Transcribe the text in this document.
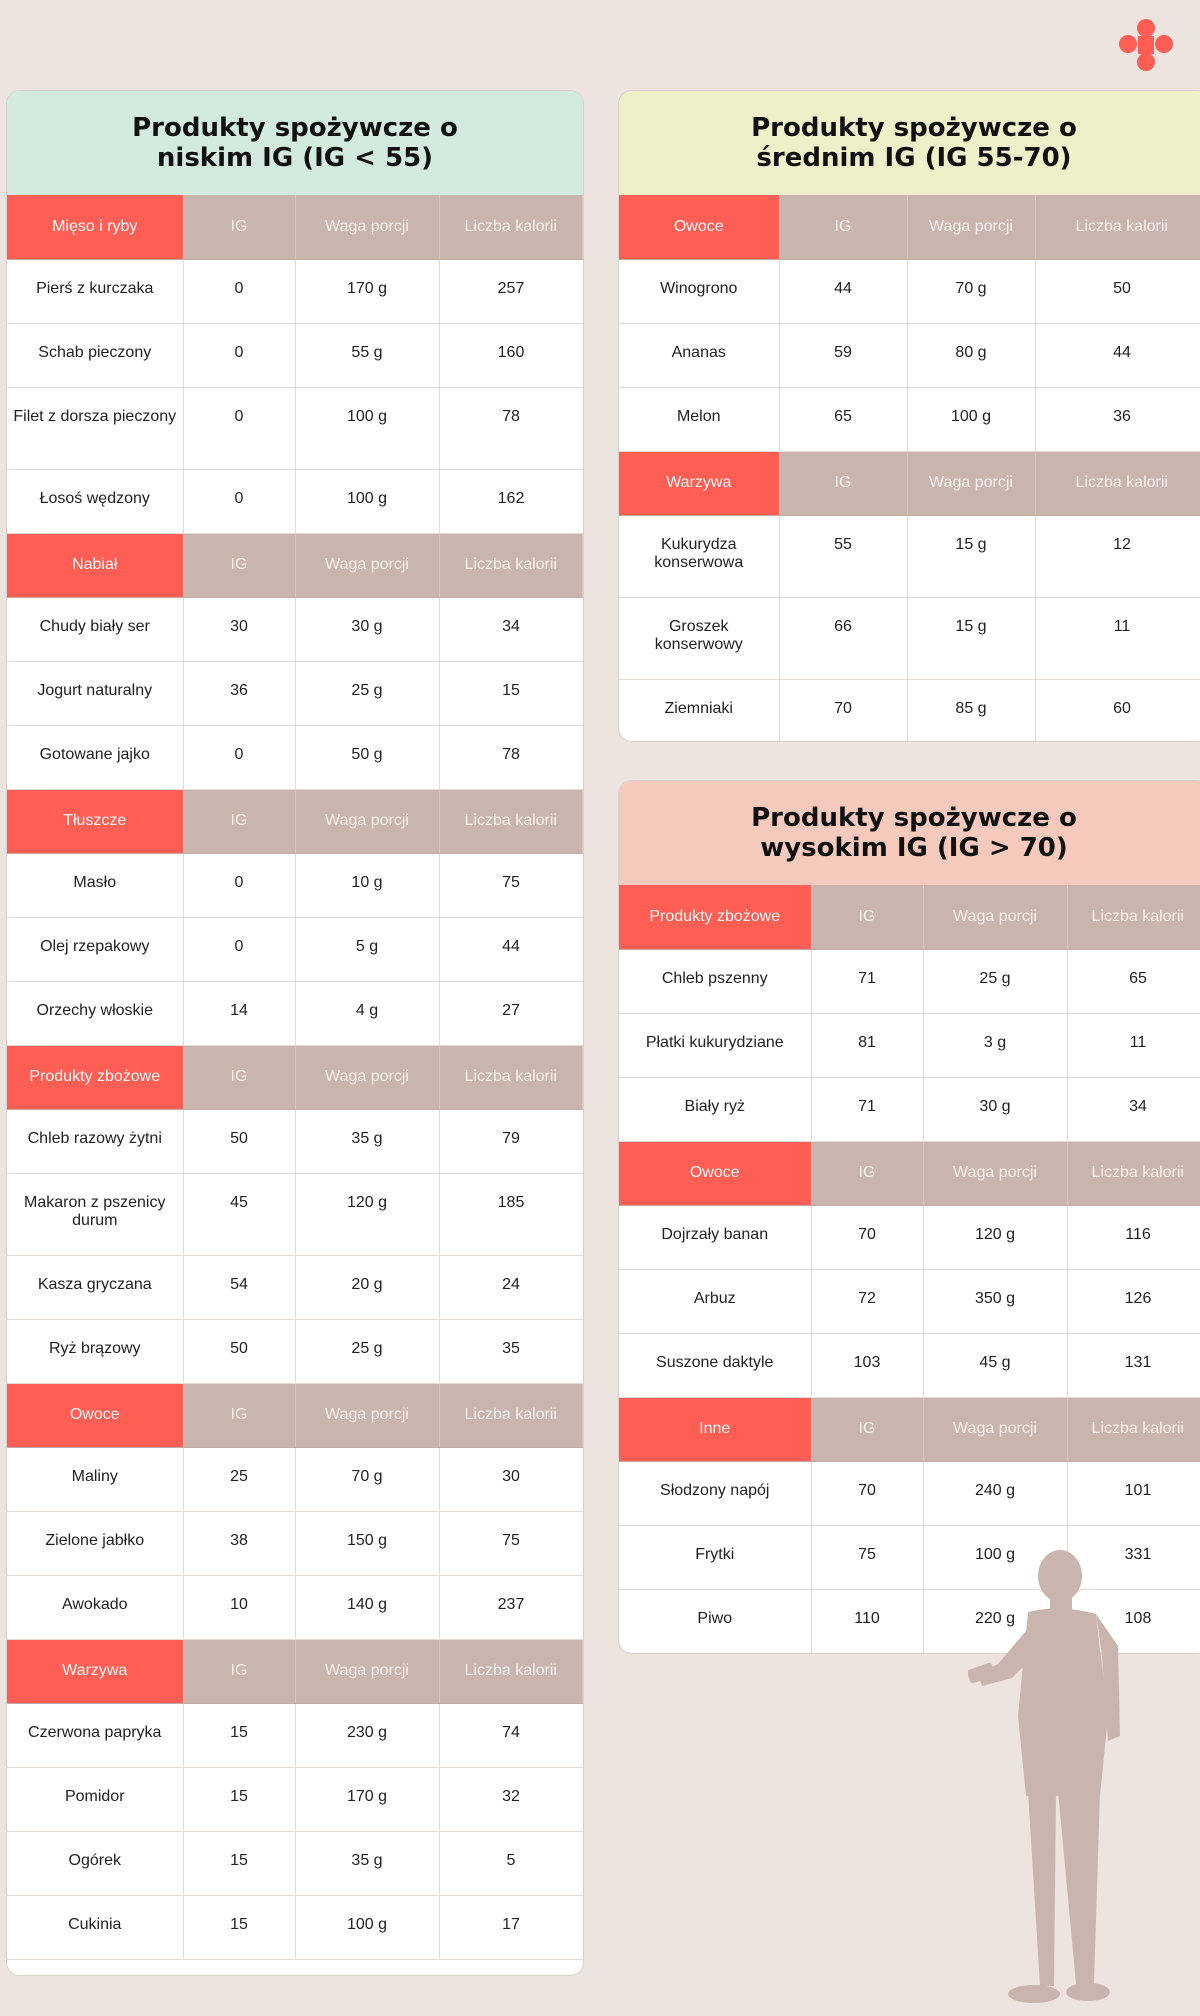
Produkty spożywcze o
niskim IG (IG < 55)
Mięso i ryby	IG	Waga porcji	Liczba kalorii
Pierś z kurczaka	0	170 g	257
Schab pieczony	0	55 g	160
Filet z dorsza pieczony	0	100 g	78
Łosoś wędzony	0	100 g	162
Nabiał	IG	Waga porcji	Liczba kalorii
Chudy biały ser	30	30 g	34
Jogurt naturalny	36	25 g	15
Gotowane jajko	0	50 g	78
Tłuszcze	IG	Waga porcji	Liczba kalorii
Masło	0	10 g	75
Olej rzepakowy	0	5 g	44
Orzechy włoskie	14	4 g	27
Produkty zbożowe	IG	Waga porcji	Liczba kalorii
Chleb razowy żytni	50	35 g	79
Makaron z pszenicy durum	45	120 g	185
Kasza gryczana	54	20 g	24
Ryż brązowy	50	25 g	35
Owoce	IG	Waga porcji	Liczba kalorii
Maliny	25	70 g	30
Zielone jabłko	38	150 g	75
Awokado	10	140 g	237
Warzywa	IG	Waga porcji	Liczba kalorii
Czerwona papryka	15	230 g	74
Pomidor	15	170 g	32
Ogórek	15	35 g	5
Cukinia	15	100 g	17
Produkty spożywcze o
średnim IG (IG 55-70)
Owoce	IG	Waga porcji	Liczba kalorii
Winogrono	44	70 g	50
Ananas	59	80 g	44
Melon	65	100 g	36
Warzywa	IG	Waga porcji	Liczba kalorii
Kukurydza konserwowa	55	15 g	12
Groszek konserwowy	66	15 g	11
Ziemniaki	70	85 g	60
Produkty spożywcze o
wysokim IG (IG > 70)
Produkty zbożowe	IG	Waga porcji	Liczba kalorii
Chleb pszenny	71	25 g	65
Płatki kukurydziane	81	3 g	11
Biały ryż	71	30 g	34
Owoce	IG	Waga porcji	Liczba kalorii
Dojrzały banan	70	120 g	116
Arbuz	72	350 g	126
Suszone daktyle	103	45 g	131
Inne	IG	Waga porcji	Liczba kalorii
Słodzony napój	70	240 g	101
Frytki	75	100 g	331
Piwo	110	220 g	108
